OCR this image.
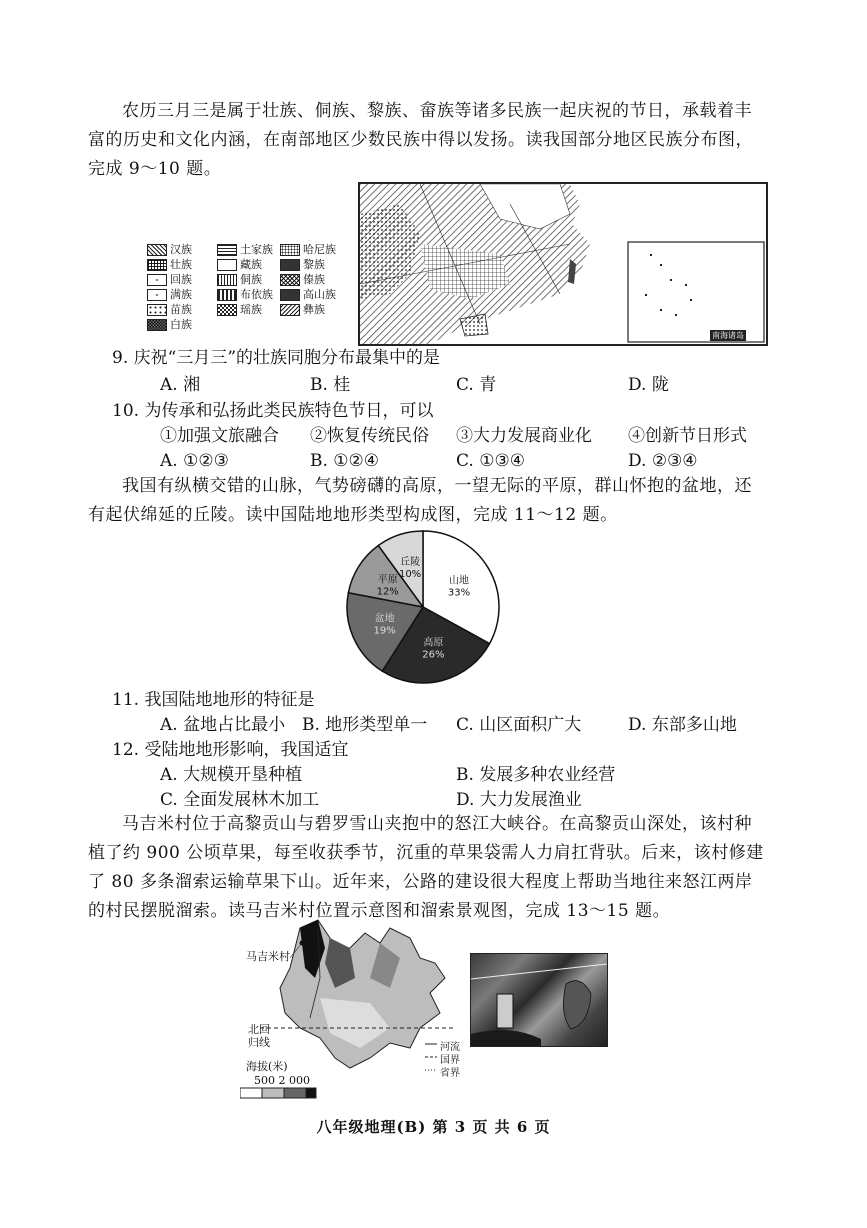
农历三月三是属于壮族、侗族、黎族、畲族等诸多民族一起庆祝的节日，承载着丰富的历史和文化内涵，在南部地区少数民族中得以发扬。读我国部分地区民族分布图，完成 9～10 题。
南海诸岛
汉族	土家族	哈尼族
壮族	藏族	黎族
回族	侗族	傣族
满族	布依族	高山族
苗族	瑶族	彝族
白族
9. 庆祝“三月三”的壮族同胞分布最集中的是
A. 湘	B. 桂	C. 青	D. 陇
10. 为传承和弘扬此类民族特色节日，可以
①加强文旅融合 ②恢复传统民俗 ③大力发展商业化 ④创新节日形式
A. ①②③	B. ①②④	C. ①③④	D. ②③④
我国有纵横交错的山脉，气势磅礴的高原，一望无际的平原，群山怀抱的盆地，还有起伏绵延的丘陵。读中国陆地地形类型构成图，完成 11～12 题。
山地
33%
高原
26%
盆地
19%
平原
12%
丘陵
10%
11. 我国陆地地形的特征是
A. 盆地占比最小 B. 地形类型单一 C. 山区面积广大	D. 东部多山地
12. 受陆地地形影响，我国适宜
A. 大规模开垦种植	B. 发展多种农业经营
C. 全面发展林木加工	D. 大力发展渔业
马吉米村位于高黎贡山与碧罗雪山夹抱中的怒江大峡谷。在高黎贡山深处，该村种植了约 900 公顷草果，每至收获季节，沉重的草果袋需人力肩扛背驮。后来，该村修建了 80 多条溜索运输草果下山。近年来，公路的建设很大程度上帮助当地往来怒江两岸的村民摆脱溜索。读马吉米村位置示意图和溜索景观图，完成 13～15 题。
马吉米村
北回
归线
海拔(米)
500 2 000
河流
国界
省界
八年级地理(B) 第 3 页 共 6 页
